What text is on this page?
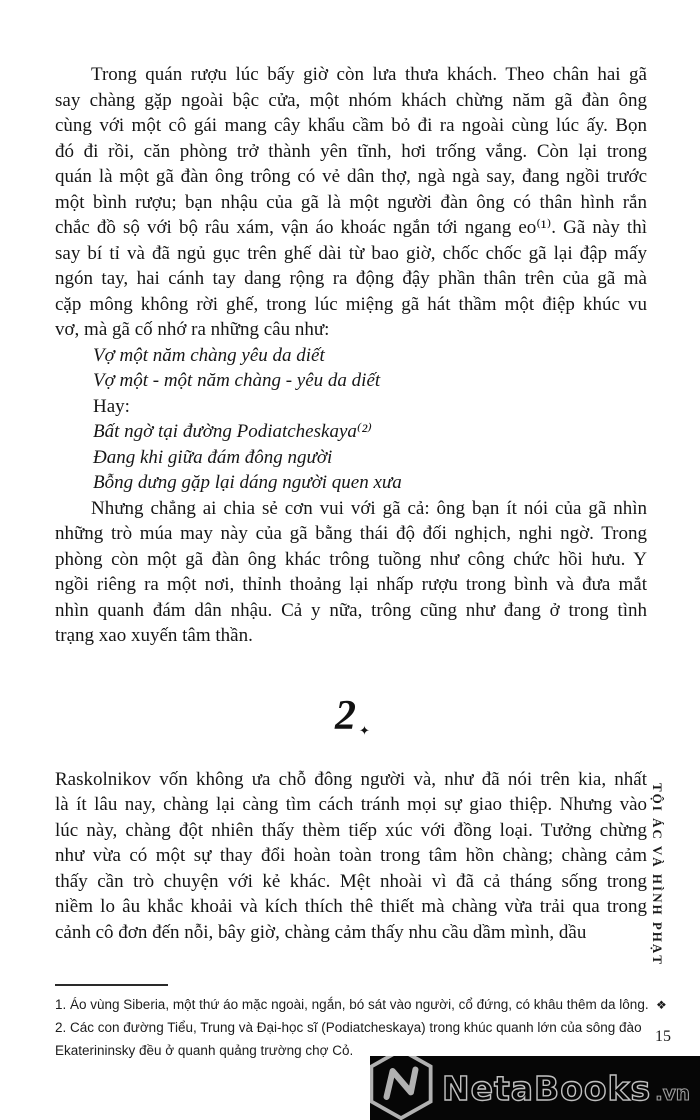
Trong quán rượu lúc bấy giờ còn lưa thưa khách. Theo chân hai gã
say chàng gặp ngoài bậc cửa, một nhóm khách chừng năm gã đàn ông
cùng với một cô gái mang cây khẩu cầm bỏ đi ra ngoài cùng lúc ấy. Bọn
đó đi rồi, căn phòng trở thành yên tĩnh, hơi trống vắng. Còn lại trong
quán là một gã đàn ông trông có vẻ dân thợ, ngà ngà say, đang ngồi trước
một bình rượu; bạn nhậu của gã là một người đàn ông có thân hình rắn
chắc đồ sộ với bộ râu xám, vận áo khoác ngắn tới ngang eo⁽¹⁾. Gã này thì
say bí tỉ và đã ngủ gục trên ghế dài từ bao giờ, chốc chốc gã lại đập mấy
ngón tay, hai cánh tay dang rộng ra động đậy phần thân trên của gã mà
cặp mông không rời ghế, trong lúc miệng gã hát thầm một điệp khúc vu
vơ, mà gã cố nhớ ra những câu như:
Vợ một năm chàng yêu da diết
Vợ một - một năm chàng - yêu da diết
Hay:
Bất ngờ tại đường Podiatcheskaya⁽²⁾
Đang khi giữa đám đông người
Bỗng dưng gặp lại dáng người quen xưa
Nhưng chẳng ai chia sẻ cơn vui với gã cả: ông bạn ít nói của gã nhìn
những trò múa may này của gã bằng thái độ đối nghịch, nghi ngờ. Trong
phòng còn một gã đàn ông khác trông tuồng như công chức hồi hưu. Y
ngồi riêng ra một nơi, thỉnh thoảng lại nhấp rượu trong bình và đưa mắt
nhìn quanh đám dân nhậu. Cả y nữa, trông cũng như đang ở trong tình
trạng xao xuyến tâm thần.
2 ✦
Raskolnikov vốn không ưa chỗ đông người và, như đã nói trên kia, nhất
là ít lâu nay, chàng lại càng tìm cách tránh mọi sự giao thiệp. Nhưng vào
lúc này, chàng đột nhiên thấy thèm tiếp xúc với đồng loại. Tưởng chừng
như vừa có một sự thay đổi hoàn toàn trong tâm hồn chàng; chàng cảm
thấy cần trò chuyện với kẻ khác. Mệt nhoài vì đã cả tháng sống trong
niềm lo âu khắc khoải và kích thích thê thiết mà chàng vừa trải qua trong
cảnh cô đơn đến nỗi, bây giờ, chàng cảm thấy nhu cầu dầm mình, dầu
1. Áo vùng Siberia, một thứ áo mặc ngoài, ngắn, bó sát vào người, cổ đứng, có khâu thêm da lông.
2. Các con đường Tiểu, Trung và Đại-học sĩ (Podiatcheskaya) trong khúc quanh lớn của sông đào
Ekaterininsky đều ở quanh quảng trường chợ Cỏ.
TỘI ÁC VÀ HÌNH PHẠT
❖
15
NetaBooks .vn
